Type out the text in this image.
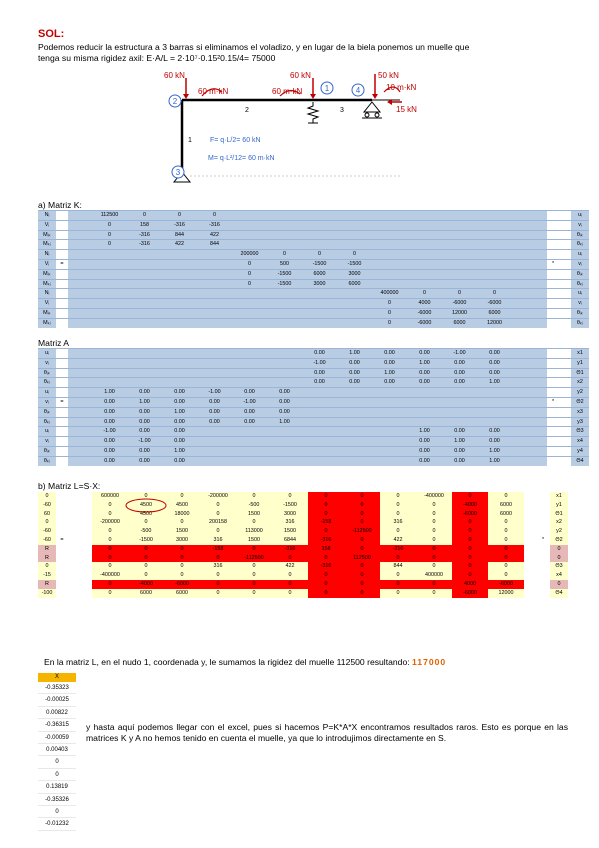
SOL:
Podemos reducir la estructura a 3 barras si eliminamos el voladizo, y en lugar de la biela ponemos un muelle que
tenga su misma rigidez axil: E·A/L = 2·10⁷·0.15²0.15/4= 75000
60 kN
60 m·kN
60 kN
60 m·kN
50 kN
10 m·kN
15 kN
1
2
3
4
1
2	3
F= q·L/2= 60 kN
M= q·L²/12= 60 m·kN
a) Matriz K:
Nᵢ			112500	0	0	0												uᵢ
Vᵢ			0	158	-316	-316												vᵢ
Mᵢₖ			0	-316	844	422												θᵢₖ
Mₖᵢ			0	-316	422	844												θₖᵢ
Nᵢ							200000	0	0	0								uᵢ
Vᵢ	=						0	500	-1500	-1500						*		vᵢ
Mᵢₖ							0	-1500	6000	3000								θᵢₖ
Mₖᵢ							0	-1500	3000	6000								θₖᵢ
Nᵢ											400000	0	0	0				uᵢ
Vᵢ											0	4000	-6000	-6000				vᵢ
Mᵢₖ											0	-6000	12000	6000				θᵢₖ
Mₖᵢ											0	-6000	6000	12000				θₖᵢ
Matriz A
uᵢ									0.00	1.00	0.00	0.00	-1.00	0.00				x1
vᵢ									-1.00	0.00	0.00	1.00	0.00	0.00				y1
θᵢₖ									0.00	0.00	1.00	0.00	0.00	0.00				Θ1
θₖᵢ									0.00	0.00	0.00	0.00	0.00	1.00				x2
uᵢ			1.00	0.00	0.00	-1.00	0.00	0.00										y2
vᵢ	=		0.00	1.00	0.00	0.00	-1.00	0.00								*		Θ2
θᵢₖ			0.00	0.00	1.00	0.00	0.00	0.00										x3
θₖᵢ			0.00	0.00	0.00	0.00	0.00	1.00										y3
uᵢ			-1.00	0.00	0.00							1.00	0.00	0.00				Θ3
vᵢ			0.00	-1.00	0.00							0.00	1.00	0.00				x4
θᵢₖ			0.00	0.00	1.00							0.00	0.00	1.00				y4
θₖᵢ			0.00	0.00	0.00							0.00	0.00	1.00				Θ4
b) Matriz L=S·X:
0			600000	0	0	-200000	0	0	0	0	0	-400000	0	0			x1	
-60			0	4500	4500	0	-500	-1500	0	0	0	0	-4000	6000			y1	
60			0	4500	18000	0	1500	3000	0	0	0	0	-6000	6000			Θ1	
0			-200000	0	0	200158	0	316	-158	0	316	0	0	0			x2	
-60			0	-500	1500	0	113000	1500	0	-112500	0	0	0	0			y2	
-60	=		0	-1500	3000	316	1500	6844	-316	0	422	0	0	0		*	Θ2	
R			0	0	0	-158	0	-316	158	0	-316	0	0	0			0	
R			0	0	0	0	-112500	0	0	112500	0	0	0	0			0	
0			0	0	0	316	0	422	-316	0	844	0	0	0			Θ3	
-15			-400000	0	0	0	0	0	0	0	0	400000	0	0			x4	
R			0	-4000	-6000	0	0	0	0	0	0	0	4000	-6000			0	
-100			0	6000	6000	0	0	0	0	0	0	0	-6000	12000			Θ4	
En la matriz L, en el nudo 1, coordenada y, le sumamos la rigidez del muelle 112500 resultando: 117000
X
-0.35323
-0.00025
0.00822
-0.36315
-0.00059
0.00403
0
0
0.13819
-0.35326
0
-0.01232
y hasta aquí podemos llegar con el excel, pues si hacemos P=K*A*X encontramos resultados raros. Esto es porque en las matrices K y A no hemos tenido en cuenta el muelle, ya que lo introdujimos directamente en S.
